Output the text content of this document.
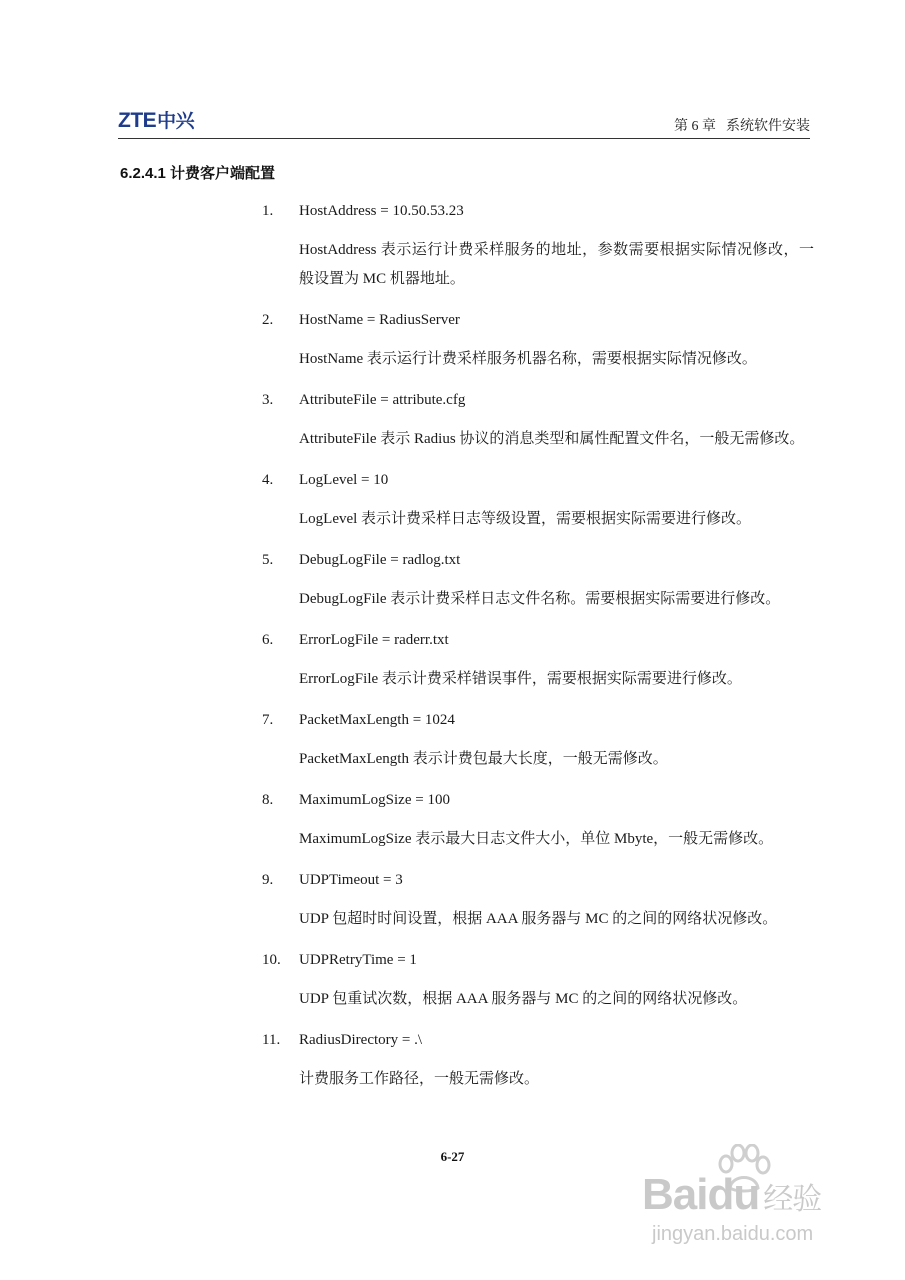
ZTE中兴	第 6 章 系统软件安装
6.2.4.1 计费客户端配置
1. HostAddress = 10.50.53.23
HostAddress 表示运行计费采样服务的地址，参数需要根据实际情况修改，一般设置为 MC 机器地址。
2. HostName = RadiusServer
HostName 表示运行计费采样服务机器名称，需要根据实际情况修改。
3. AttributeFile = attribute.cfg
AttributeFile 表示 Radius 协议的消息类型和属性配置文件名，一般无需修改。
4. LogLevel = 10
LogLevel 表示计费采样日志等级设置，需要根据实际需要进行修改。
5. DebugLogFile = radlog.txt
DebugLogFile 表示计费采样日志文件名称。需要根据实际需要进行修改。
6. ErrorLogFile = raderr.txt
ErrorLogFile 表示计费采样错误事件，需要根据实际需要进行修改。
7. PacketMaxLength = 1024
PacketMaxLength 表示计费包最大长度，一般无需修改。
8. MaximumLogSize = 100
MaximumLogSize 表示最大日志文件大小，单位 Mbyte，一般无需修改。
9. UDPTimeout = 3
UDP 包超时时间设置，根据 AAA 服务器与 MC 的之间的网络状况修改。
10. UDPRetryTime = 1
UDP 包重试次数，根据 AAA 服务器与 MC 的之间的网络状况修改。
11. RadiusDirectory = .\
计费服务工作路径，一般无需修改。
6-27
Baidu 经验
jingyan.baidu.com
